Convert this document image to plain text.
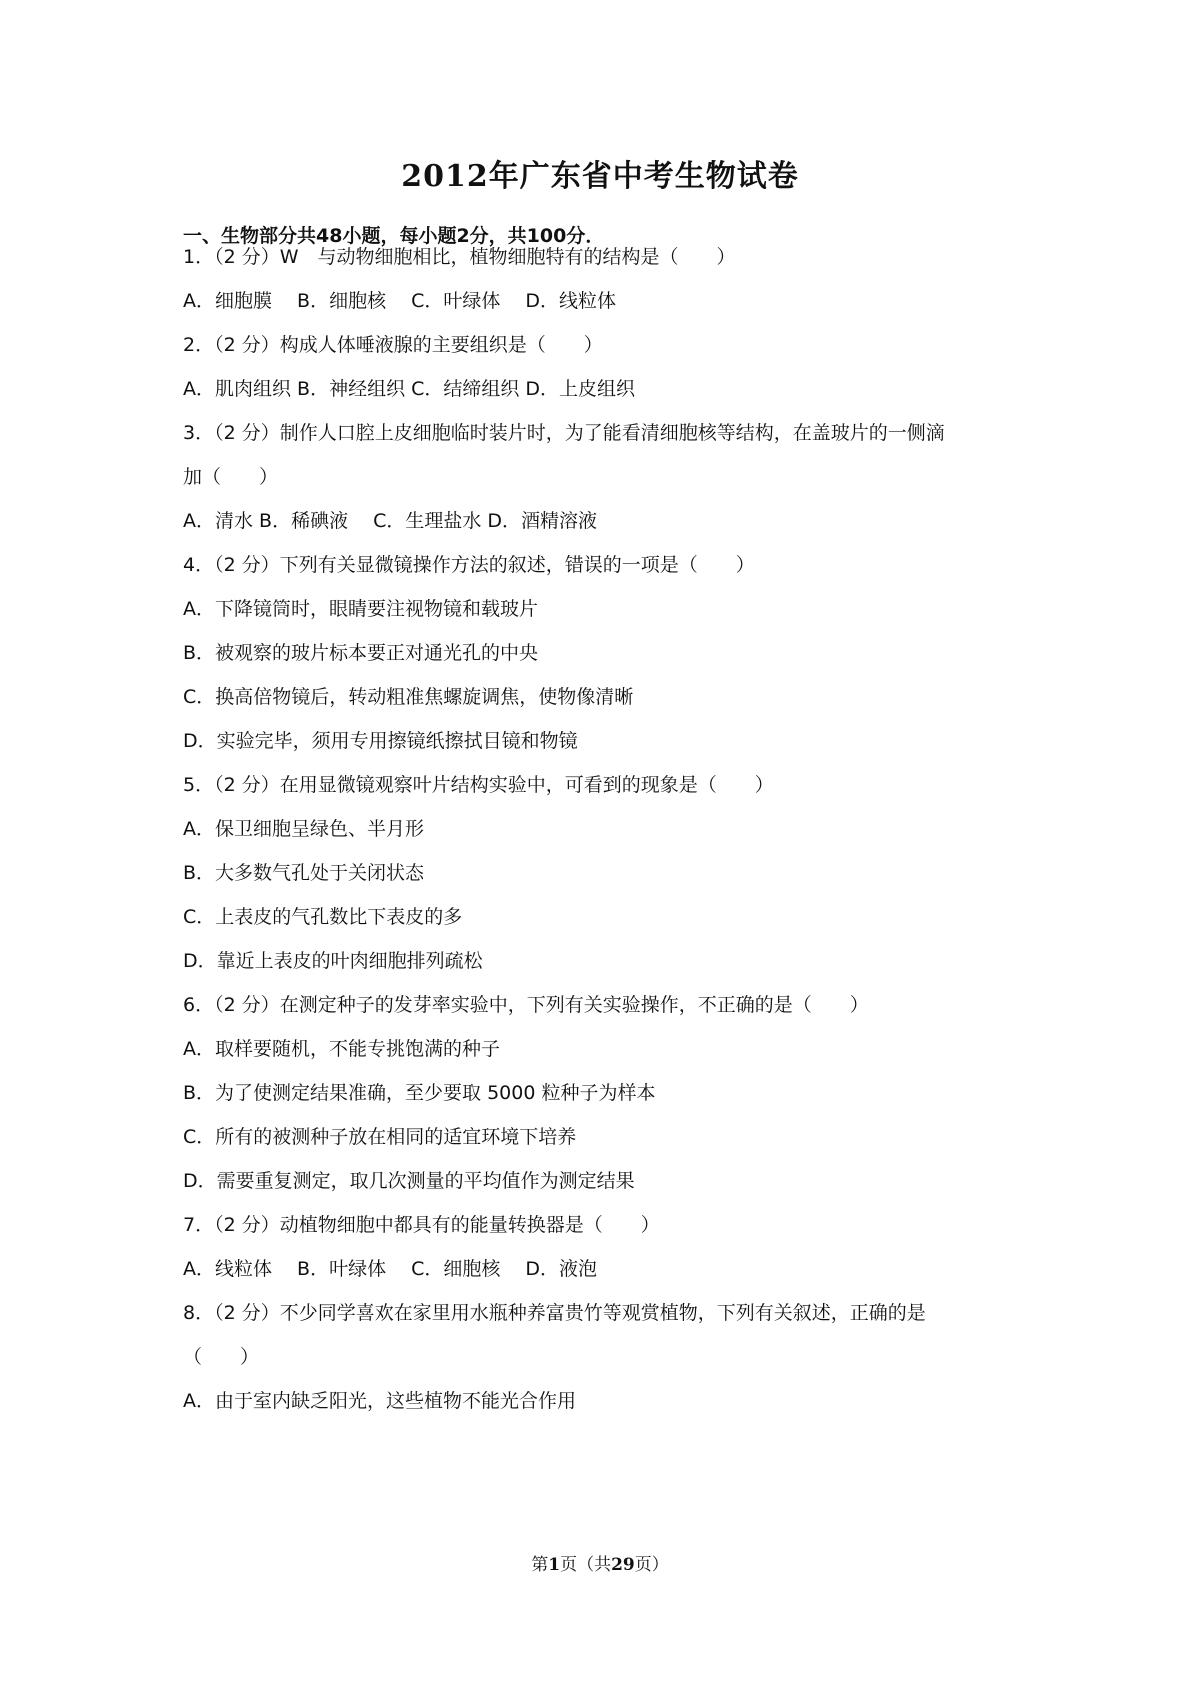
2012年广东省中考生物试卷
一、生物部分共48小题，每小题2分，共100分．
1．（2 分）W　与动物细胞相比，植物细胞特有的结构是（　　）
A．细胞膜　 B．细胞核　 C．叶绿体　 D．线粒体
2．（2 分）构成人体唾液腺的主要组织是（　　）
A．肌肉组织 B．神经组织 C．结缔组织 D．上皮组织
3．（2 分）制作人口腔上皮细胞临时装片时，为了能看清细胞核等结构，在盖玻片的一侧滴
加（　　）
A．清水 B．稀碘液　 C．生理盐水 D．酒精溶液
4．（2 分）下列有关显微镜操作方法的叙述，错误的一项是（　　）
A．下降镜筒时，眼睛要注视物镜和载玻片
B．被观察的玻片标本要正对通光孔的中央
C．换高倍物镜后，转动粗准焦螺旋调焦，使物像清晰
D．实验完毕，须用专用擦镜纸擦拭目镜和物镜
5．（2 分）在用显微镜观察叶片结构实验中，可看到的现象是（　　）
A．保卫细胞呈绿色、半月形
B．大多数气孔处于关闭状态
C．上表皮的气孔数比下表皮的多
D．靠近上表皮的叶肉细胞排列疏松
6．（2 分）在测定种子的发芽率实验中，下列有关实验操作，不正确的是（　　）
A．取样要随机，不能专挑饱满的种子
B．为了使测定结果准确，至少要取 5000 粒种子为样本
C．所有的被测种子放在相同的适宜环境下培养
D．需要重复测定，取几次测量的平均值作为测定结果
7．（2 分）动植物细胞中都具有的能量转换器是（　　）
A．线粒体　 B．叶绿体　 C．细胞核　 D．液泡
8．（2 分）不少同学喜欢在家里用水瓶种养富贵竹等观赏植物，下列有关叙述，正确的是
（　　）
A．由于室内缺乏阳光，这些植物不能光合作用
第1页（共29页）
